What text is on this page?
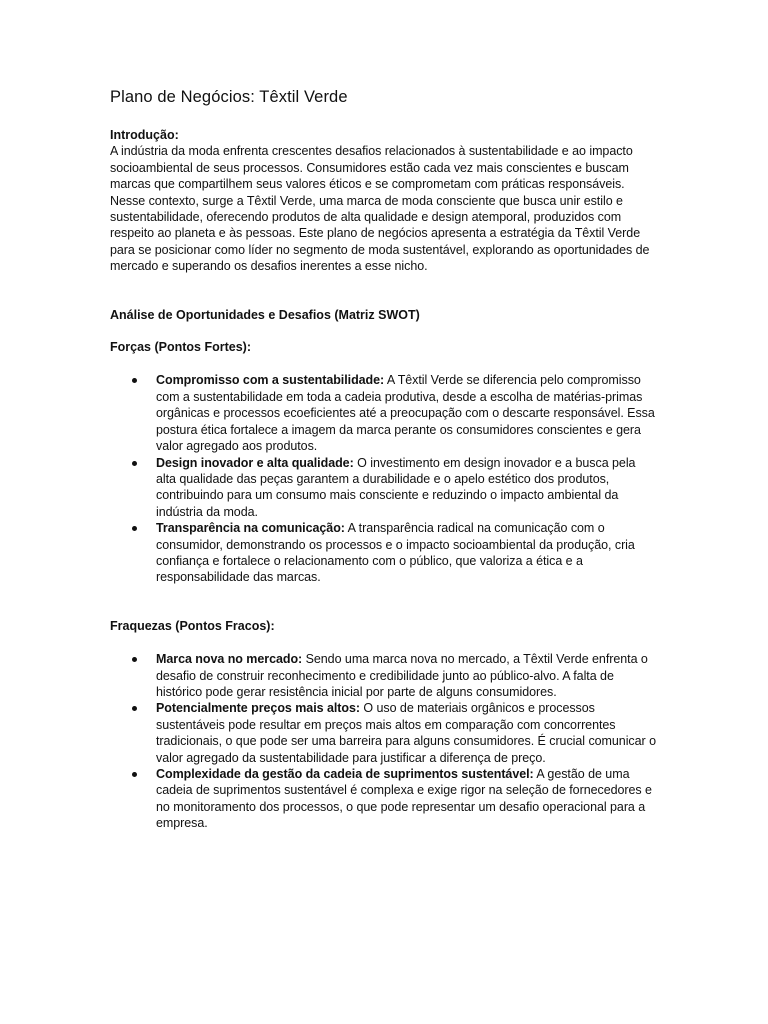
Plano de Negócios: Têxtil Verde

Introdução:

A indústria da moda enfrenta crescentes desafios relacionados à sustentabilidade e ao impacto socioambiental de seus processos. Consumidores estão cada vez mais conscientes e buscam marcas que compartilhem seus valores éticos e se comprometam com práticas responsáveis. Nesse contexto, surge a Têxtil Verde, uma marca de moda consciente que busca unir estilo e sustentabilidade, oferecendo produtos de alta qualidade e design atemporal, produzidos com respeito ao planeta e às pessoas. Este plano de negócios apresenta a estratégia da Têxtil Verde para se posicionar como líder no segmento de moda sustentável, explorando as oportunidades de mercado e superando os desafios inerentes a esse nicho.

Análise de Oportunidades e Desafios (Matriz SWOT)

Forças (Pontos Fortes):

Compromisso com a sustentabilidade: A Têxtil Verde se diferencia pelo compromisso com a sustentabilidade em toda a cadeia produtiva, desde a escolha de matérias-primas orgânicas e processos ecoeficientes até a preocupação com o descarte responsável. Essa postura ética fortalece a imagem da marca perante os consumidores conscientes e gera valor agregado aos produtos.
Design inovador e alta qualidade: O investimento em design inovador e a busca pela alta qualidade das peças garantem a durabilidade e o apelo estético dos produtos, contribuindo para um consumo mais consciente e reduzindo o impacto ambiental da indústria da moda.
Transparência na comunicação: A transparência radical na comunicação com o consumidor, demonstrando os processos e o impacto socioambiental da produção, cria confiança e fortalece o relacionamento com o público, que valoriza a ética e a responsabilidade das marcas.

Fraquezas (Pontos Fracos):

Marca nova no mercado: Sendo uma marca nova no mercado, a Têxtil Verde enfrenta o desafio de construir reconhecimento e credibilidade junto ao público-alvo. A falta de histórico pode gerar resistência inicial por parte de alguns consumidores.
Potencialmente preços mais altos: O uso de materiais orgânicos e processos sustentáveis pode resultar em preços mais altos em comparação com concorrentes tradicionais, o que pode ser uma barreira para alguns consumidores. É crucial comunicar o valor agregado da sustentabilidade para justificar a diferença de preço.
Complexidade da gestão da cadeia de suprimentos sustentável: A gestão de uma cadeia de suprimentos sustentável é complexa e exige rigor na seleção de fornecedores e no monitoramento dos processos, o que pode representar um desafio operacional para a empresa.
